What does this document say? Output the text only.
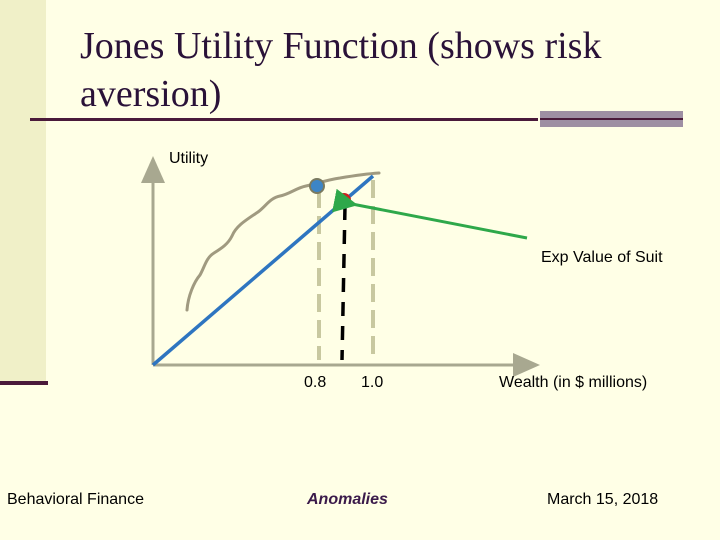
Jones Utility Function (shows risk aversion)
Utility
Exp Value of Suit
0.8 1.0	Wealth (in $ millions)
Behavioral Finance	Anomalies	March 15, 2018
